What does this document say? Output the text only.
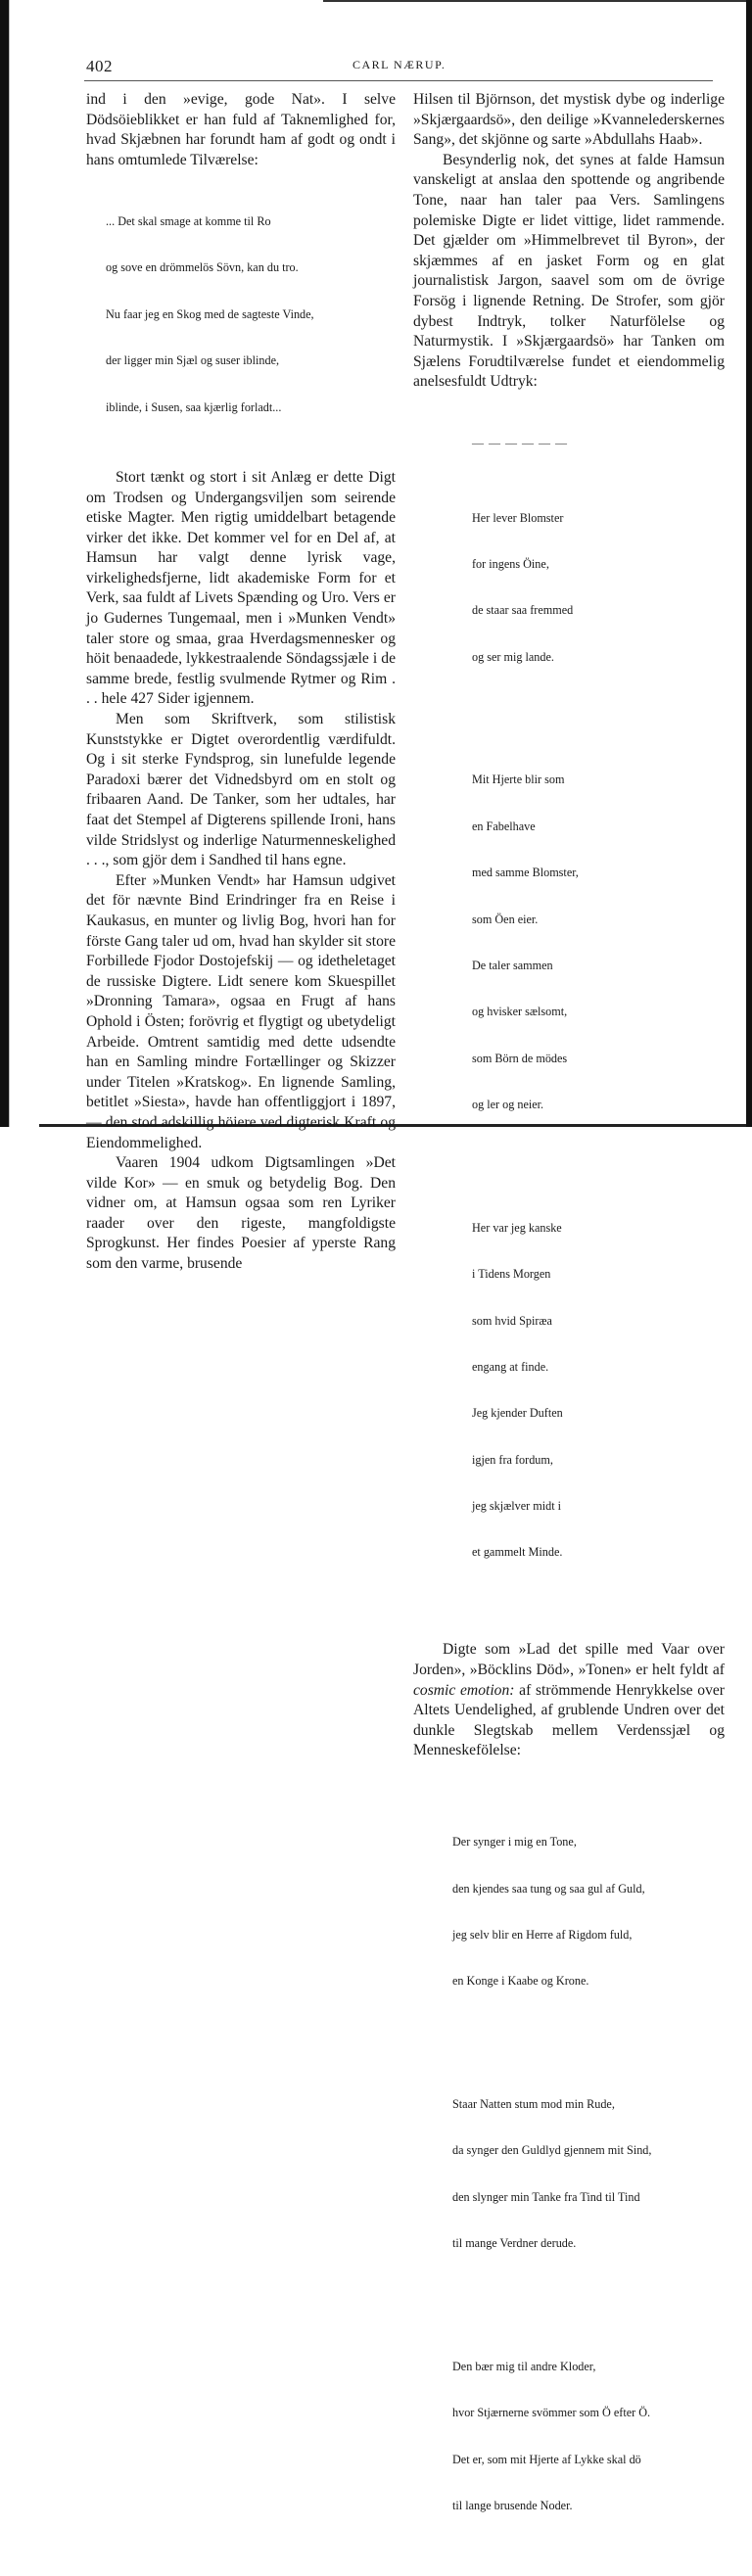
402	CARL NÆRUP.

ind i den »evige, gode Nat». I selve Dödsöieblikket er han fuld af Taknemlighed for, hvad Skjæbnen har forundt ham af godt og ondt i hans omtumlede Tilværelse:

... Det skal smage at komme til Ro

og sove en drömmelös Sövn, kan du tro.

Nu faar jeg en Skog med de sagteste Vinde,

der ligger min Sjæl og suser iblinde,

iblinde, i Susen, saa kjærlig forladt...

Stort tænkt og stort i sit Anlæg er dette Digt om Trodsen og Undergangsviljen som seirende etiske Magter. Men rigtig umiddelbart betagende virker det ikke. Det kommer vel for en Del af, at Hamsun har valgt denne lyrisk vage, virkelighedsfjerne, lidt akademiske Form for et Verk, saa fuldt af Livets Spænding og Uro. Vers er jo Gudernes Tungemaal, men i »Munken Vendt» taler store og smaa, graa Hverdagsmennesker og höit benaadede, lykkestraalende Söndagssjæle i de samme brede, festlig svulmende Rytmer og Rim . . . hele 427 Sider igjennem.

Men som Skriftverk, som stilistisk Kunststykke er Digtet overordentlig værdifuldt. Og i sit sterke Fyndsprog, sin lunefulde legende Paradoxi bærer det Vidnedsbyrd om en stolt og fribaaren Aand. De Tanker, som her udtales, har faat det Stempel af Digterens spillende Ironi, hans vilde Stridslyst og inderlige Naturmenneskelighed . . ., som gjör dem i Sandhed til hans egne.

Efter »Munken Vendt» har Hamsun udgivet det för nævnte Bind Erindringer fra en Reise i Kaukasus, en munter og livlig Bog, hvori han for förste Gang taler ud om, hvad han skylder sit store Forbillede Fjodor Dostojefskij — og idetheletaget de russiske Digtere. Lidt senere kom Skuespillet »Dronning Tamara», ogsaa en Frugt af hans Ophold i Östen; forövrig et flygtigt og ubetydeligt Arbeide. Omtrent samtidig med dette udsendte han en Samling mindre Fortællinger og Skizzer under Titelen »Kratskog». En lignende Samling, betitlet »Siesta», havde han offentliggjort i 1897, — den stod adskillig höiere ved digterisk Kraft og Eiendommelighed.

Vaaren 1904 udkom Digtsamlingen »Det vilde Kor» — en smuk og betydelig Bog. Den vidner om, at Hamsun ogsaa som ren Lyriker raader over den rigeste, mangfoldigste Sprogkunst. Her findes Poesier af yperste Rang som den varme, brusende

Hilsen til Björnson, det mystisk dybe og inderlige »Skjærgaardsö», den deilige »Kvannelederskernes Sang», det skjönne og sarte »Abdullahs Haab».

Besynderlig nok, det synes at falde Hamsun vanskeligt at anslaa den spottende og angribende Tone, naar han taler paa Vers. Samlingens polemiske Digte er lidet vittige, lidet rammende. Det gjælder om »Himmelbrevet til Byron», der skjæmmes af en jasket Form og en glat journalistisk Jargon, saavel som om de övrige Forsög i lignende Retning. De Strofer, som gjör dybest Indtryk, tolker Naturfölelse og Naturmystik. I »Skjærgaardsö» har Tanken om Sjælens Forudtilværelse fundet et eiendommelig anelsesfuldt Udtryk:

— — — — — —

Her lever Blomster

for ingens Öine,

de staar saa fremmed

og ser mig lande.

Mit Hjerte blir som

en Fabelhave

med samme Blomster,

som Öen eier.

De taler sammen

og hvisker sælsomt,

som Börn de mödes

og ler og neier.

Her var jeg kanske

i Tidens Morgen

som hvid Spiræa

engang at finde.

Jeg kjender Duften

igjen fra fordum,

jeg skjælver midt i

et gammelt Minde.

Digte som »Lad det spille med Vaar over Jorden», »Böcklins Död», »Tonen» er helt fyldt af cosmic emotion: af strömmende Henrykkelse over Altets Uendelighed, af grublende Undren over det dunkle Slegtskab mellem Verdenssjæl og Menneskefölelse:

Der synger i mig en Tone,

den kjendes saa tung og saa gul af Guld,

jeg selv blir en Herre af Rigdom fuld,

en Konge i Kaabe og Krone.

Staar Natten stum mod min Rude,

da synger den Guldlyd gjennem mit Sind,

den slynger min Tanke fra Tind til Tind

til mange Verdner derude.

Den bær mig til andre Kloder,

hvor Stjærnerne svömmer som Ö efter Ö.

Det er, som mit Hjerte af Lykke skal dö

til lange brusende Noder.
